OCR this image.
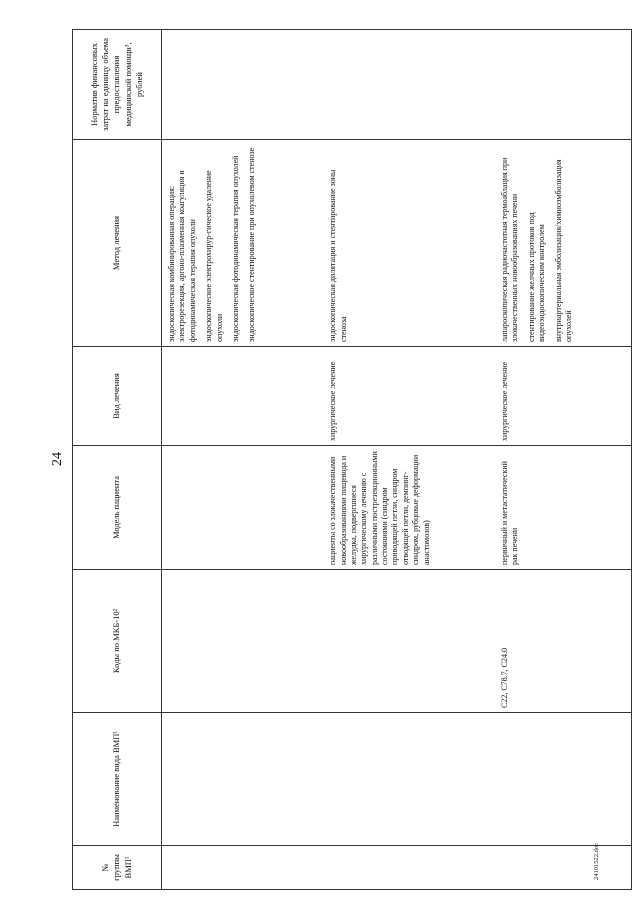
24
24101522.doc
№ группы ВМП¹	Наименование вида ВМП¹	Коды по МКБ-10²	Модель пациента	Вид лечения	Метод лечения	Норматив финансовых затрат на единицу объема предоставления медицинской помощи³, рублей

					эндоскопическая комбинированная операция: электрорезекция, аргоно-плазменная коагуляция и фотодинамическая терапия опухоли эндоскопическое электрохирур-гическое удаление опухоли эндоскопическая фотодинамическая терапия опухолей эндоскопическое стентирование при опухолевом стенозе	

			пациенты со злокачественными новообразованиями пищевода и желудка, подвергшиеся хирургическому лечению с различными пострезекционными состояниями (синдром приводящей петли, синдром отводящей петли, демпинг-синдром, рубцовые деформации анастомозов)	хирургическое лечение	эндоскопическая дилятация и стентирование зоны стеноза	

		C22, C78.7, C24.0	первичный и метастатический рак печени	хирургическое лечение	лапароскопическая радиочастотная термоаблация при злокачественных новообразованиях печени стентирование желчных протоков под видеоэндоскопическим контролем внутриартериальная эмболизация/химиоэмболизация опухолей	
